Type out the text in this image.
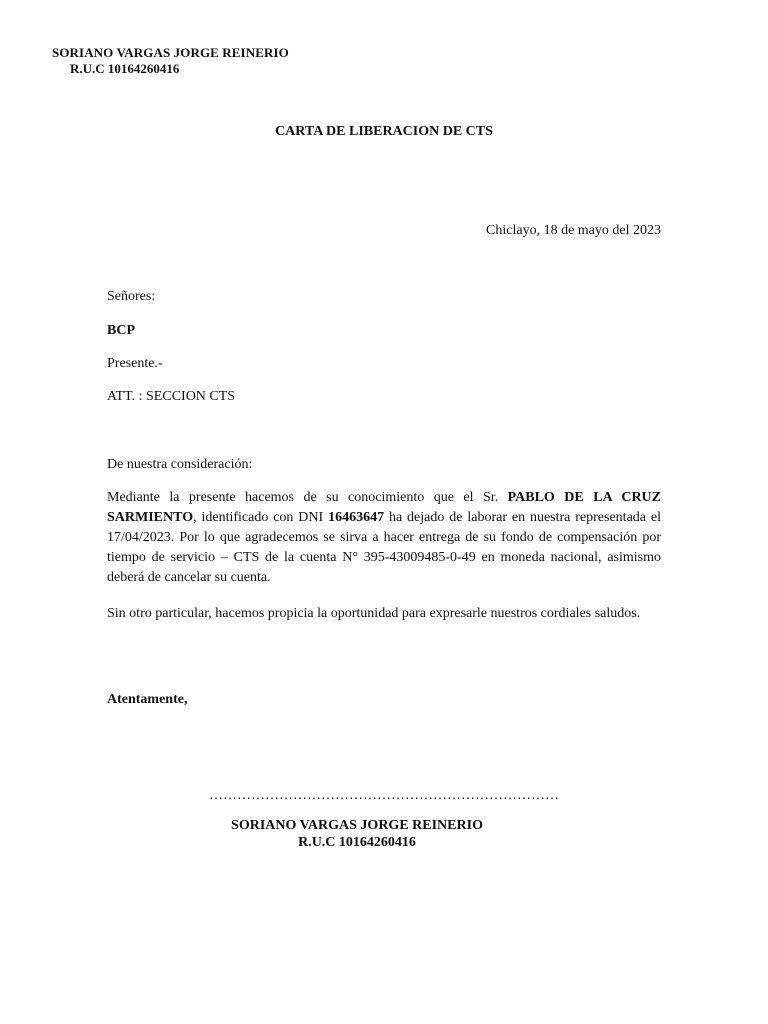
SORIANO VARGAS JORGE REINERIO
R.U.C 10164260416
CARTA DE LIBERACION DE CTS
Chiclayo, 18 de mayo del 2023
Señores:
BCP
Presente.-
ATT. : SECCION CTS
De nuestra consideración:

Mediante la presente hacemos de su conocimiento que el Sr. PABLO DE LA CRUZ SARMIENTO, identificado con DNI 16463647 ha dejado de laborar en nuestra representada el 17/04/2023. Por lo que agradecemos se sirva a hacer entrega de su fondo de compensación por tiempo de servicio – CTS de la cuenta N° 395-43009485-0-49 en moneda nacional, asimismo deberá de cancelar su cuenta.

Sin otro particular, hacemos propicia la oportunidad para expresarle nuestros cordiales saludos.

Atentamente,
…………………………………………………………………
SORIANO VARGAS JORGE REINERIO
R.U.C 10164260416
